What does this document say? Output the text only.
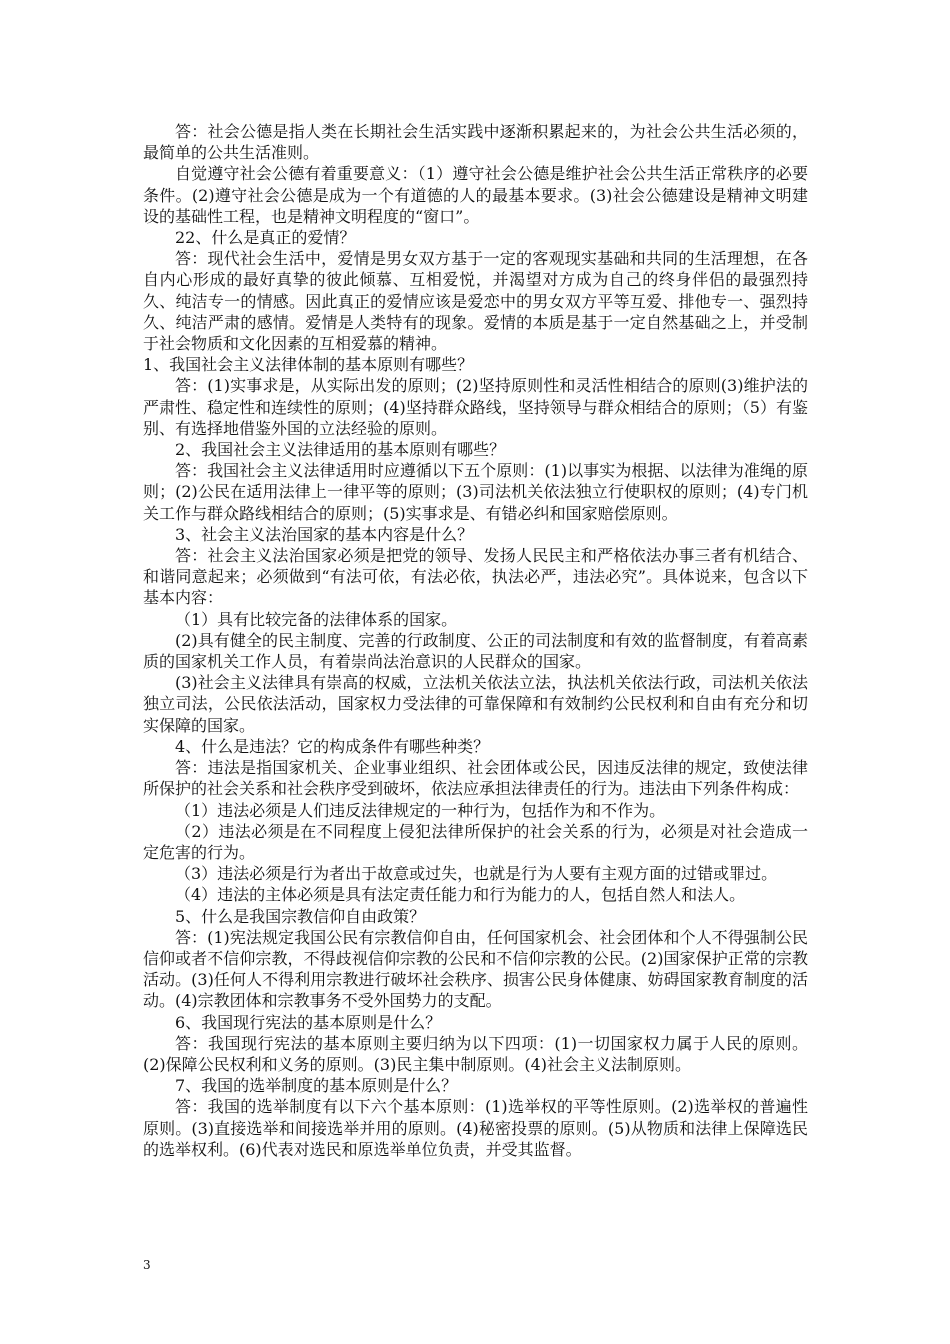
答：社会公德是指人类在长期社会生活实践中逐渐积累起来的，为社会公共生活必须的，最简单的公共生活准则。

自觉遵守社会公德有着重要意义：（1）遵守社会公德是维护社会公共生活正常秩序的必要条件。(2)遵守社会公德是成为一个有道德的人的最基本要求。(3)社会公德建设是精神文明建设的基础性工程，也是精神文明程度的“窗口”。

22、什么是真正的爱情？

答：现代社会生活中，爱情是男女双方基于一定的客观现实基础和共同的生活理想，在各自内心形成的最好真挚的彼此倾慕、互相爱悦，并渴望对方成为自己的终身伴侣的最强烈持久、纯洁专一的情感。因此真正的爱情应该是爱恋中的男女双方平等互爱、排他专一、强烈持久、纯洁严肃的感情。爱情是人类特有的现象。爱情的本质是基于一定自然基础之上，并受制于社会物质和文化因素的互相爱慕的精神。

1、我国社会主义法律体制的基本原则有哪些？

答：(1)实事求是，从实际出发的原则；(2)坚持原则性和灵活性相结合的原则(3)维护法的严肃性、稳定性和连续性的原则；(4)坚持群众路线，坚持领导与群众相结合的原则；（5）有鉴别、有选择地借鉴外国的立法经验的原则。

2、我国社会主义法律适用的基本原则有哪些？

答：我国社会主义法律适用时应遵循以下五个原则：(1)以事实为根据、以法律为准绳的原则；(2)公民在适用法律上一律平等的原则；(3)司法机关依法独立行使职权的原则；(4)专门机关工作与群众路线相结合的原则；(5)实事求是、有错必纠和国家赔偿原则。

3、社会主义法治国家的基本内容是什么？

答：社会主义法治国家必须是把党的领导、发扬人民民主和严格依法办事三者有机结合、和谐同意起来；必须做到“有法可依，有法必依，执法必严，违法必究”。具体说来，包含以下基本内容：

（1）具有比较完备的法律体系的国家。

(2)具有健全的民主制度、完善的行政制度、公正的司法制度和有效的监督制度，有着高素质的国家机关工作人员，有着崇尚法治意识的人民群众的国家。

(3)社会主义法律具有崇高的权威，立法机关依法立法，执法机关依法行政，司法机关依法独立司法，公民依法活动，国家权力受法律的可靠保障和有效制约公民权利和自由有充分和切实保障的国家。

4、什么是违法？它的构成条件有哪些种类？

答：违法是指国家机关、企业事业组织、社会团体或公民，因违反法律的规定，致使法律所保护的社会关系和社会秩序受到破坏，依法应承担法律责任的行为。违法由下列条件构成：

（1）违法必须是人们违反法律规定的一种行为，包括作为和不作为。

（2）违法必须是在不同程度上侵犯法律所保护的社会关系的行为，必须是对社会造成一定危害的行为。

（3）违法必须是行为者出于故意或过失，也就是行为人要有主观方面的过错或罪过。

（4）违法的主体必须是具有法定责任能力和行为能力的人，包括自然人和法人。

5、什么是我国宗教信仰自由政策？

答：(1)宪法规定我国公民有宗教信仰自由，任何国家机会、社会团体和个人不得强制公民信仰或者不信仰宗教，不得歧视信仰宗教的公民和不信仰宗教的公民。(2)国家保护正常的宗教活动。(3)任何人不得利用宗教进行破坏社会秩序、损害公民身体健康、妨碍国家教育制度的活动。(4)宗教团体和宗教事务不受外国势力的支配。

6、我国现行宪法的基本原则是什么？

答：我国现行宪法的基本原则主要归纳为以下四项：(1)一切国家权力属于人民的原则。(2)保障公民权利和义务的原则。(3)民主集中制原则。(4)社会主义法制原则。

7、我国的选举制度的基本原则是什么？

答：我国的选举制度有以下六个基本原则：(1)选举权的平等性原则。(2)选举权的普遍性原则。(3)直接选举和间接选举并用的原则。(4)秘密投票的原则。(5)从物质和法律上保障选民的选举权利。(6)代表对选民和原选举单位负责，并受其监督。

3
